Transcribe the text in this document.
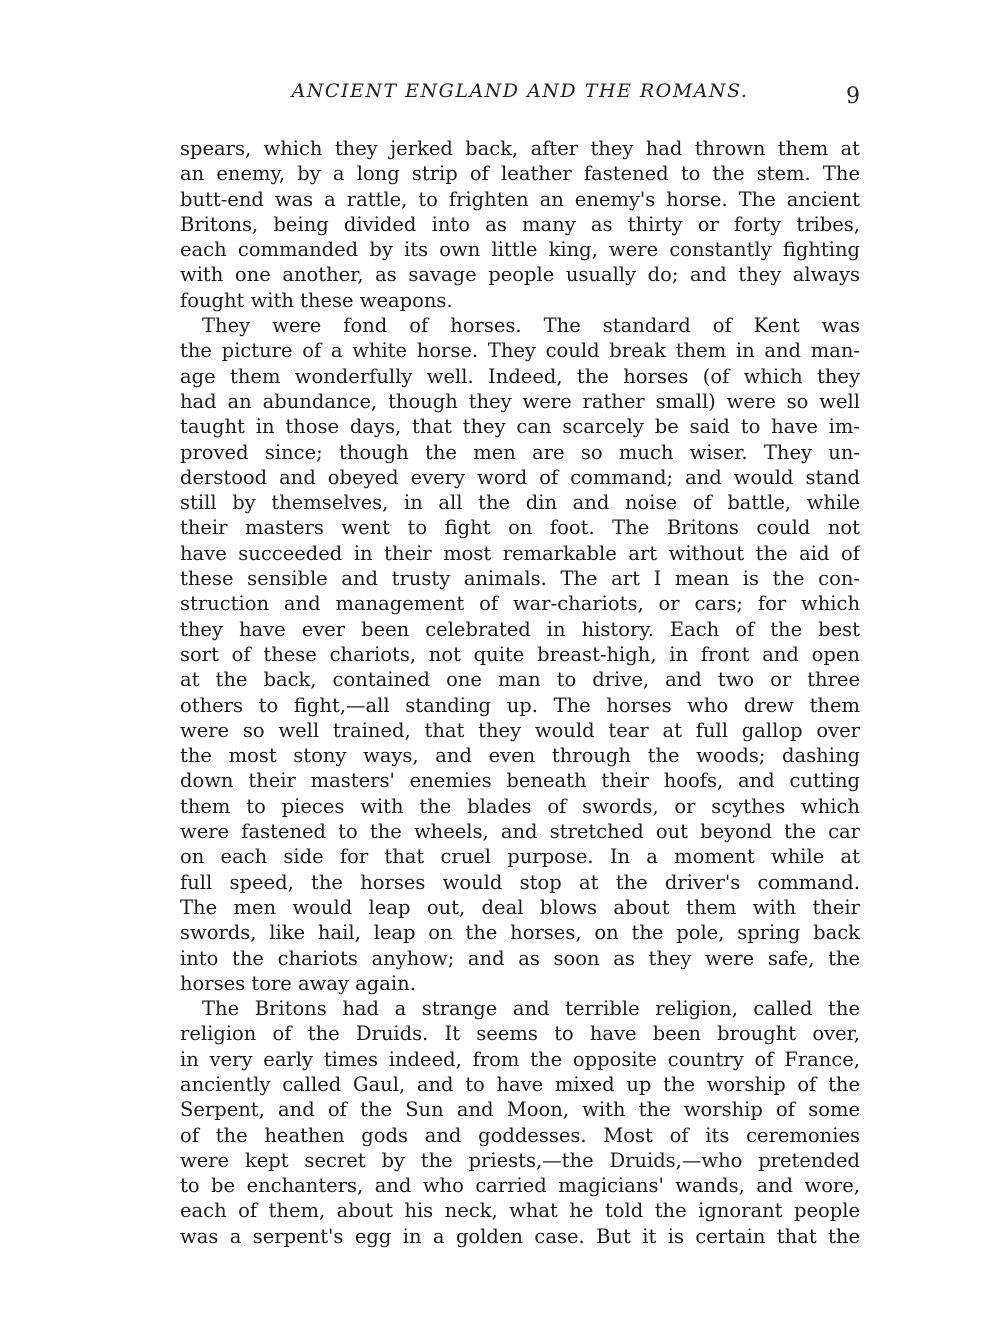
ANCIENT ENGLAND AND THE ROMANS.	9
spears, which they jerked back, after they had thrown them at
an enemy, by a long strip of leather fastened to the stem. The
butt-end was a rattle, to frighten an enemy's horse. The ancient
Britons, being divided into as many as thirty or forty tribes,
each commanded by its own little king, were constantly fighting
with one another, as savage people usually do; and they always
fought with these weapons.
They were fond of horses. The standard of Kent was
the picture of a white horse. They could break them in and man-
age them wonderfully well. Indeed, the horses (of which they
had an abundance, though they were rather small) were so well
taught in those days, that they can scarcely be said to have im-
proved since; though the men are so much wiser. They un-
derstood and obeyed every word of command; and would stand
still by themselves, in all the din and noise of battle, while
their masters went to fight on foot. The Britons could not
have succeeded in their most remarkable art without the aid of
these sensible and trusty animals. The art I mean is the con-
struction and management of war-chariots, or cars; for which
they have ever been celebrated in history. Each of the best
sort of these chariots, not quite breast-high, in front and open
at the back, contained one man to drive, and two or three
others to fight,—all standing up. The horses who drew them
were so well trained, that they would tear at full gallop over
the most stony ways, and even through the woods; dashing
down their masters' enemies beneath their hoofs, and cutting
them to pieces with the blades of swords, or scythes which
were fastened to the wheels, and stretched out beyond the car
on each side for that cruel purpose. In a moment while at
full speed, the horses would stop at the driver's command.
The men would leap out, deal blows about them with their
swords, like hail, leap on the horses, on the pole, spring back
into the chariots anyhow; and as soon as they were safe, the
horses tore away again.
The Britons had a strange and terrible religion, called the
religion of the Druids. It seems to have been brought over,
in very early times indeed, from the opposite country of France,
anciently called Gaul, and to have mixed up the worship of the
Serpent, and of the Sun and Moon, with the worship of some
of the heathen gods and goddesses. Most of its ceremonies
were kept secret by the priests,—the Druids,—who pretended
to be enchanters, and who carried magicians' wands, and wore,
each of them, about his neck, what he told the ignorant people
was a serpent's egg in a golden case. But it is certain that the
